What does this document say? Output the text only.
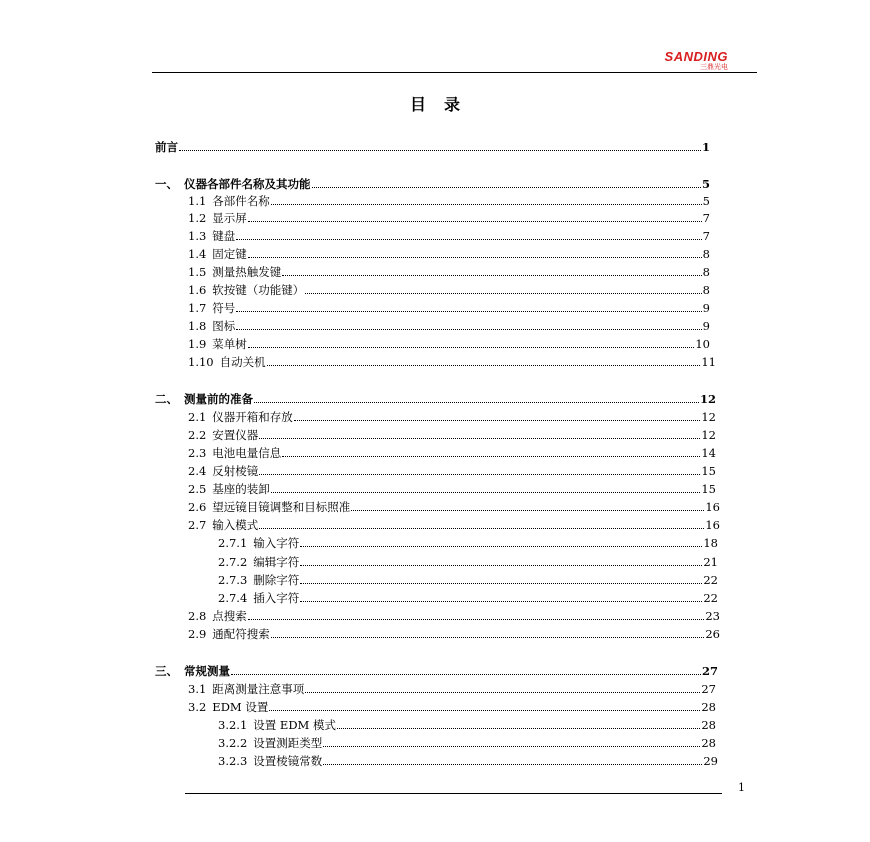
SANDING
三鼎光电
目录
前言	1
一、 仪器各部件名称及其功能	5
1.1 各部件名称	5
1.2 显示屏	7
1.3 键盘	7
1.4 固定键	8
1.5 测量热触发键	8
1.6 软按键（功能键）	8
1.7 符号	9
1.8 图标	9
1.9 菜单树	10
1.10 自动关机	11
二、 测量前的准备	12
2.1 仪器开箱和存放	12
2.2 安置仪器	12
2.3 电池电量信息	14
2.4 反射棱镜	15
2.5 基座的装卸	15
2.6 望远镜目镜调整和目标照准	16
2.7 输入模式	16
2.7.1 输入字符	18
2.7.2 编辑字符	21
2.7.3 删除字符	22
2.7.4 插入字符	22
2.8 点搜索	23
2.9 通配符搜索	26
三、 常规测量	27
3.1 距离测量注意事项	27
3.2 EDM 设置	28
3.2.1 设置 EDM 模式	28
3.2.2 设置测距类型	28
3.2.3 设置棱镜常数	29
1
